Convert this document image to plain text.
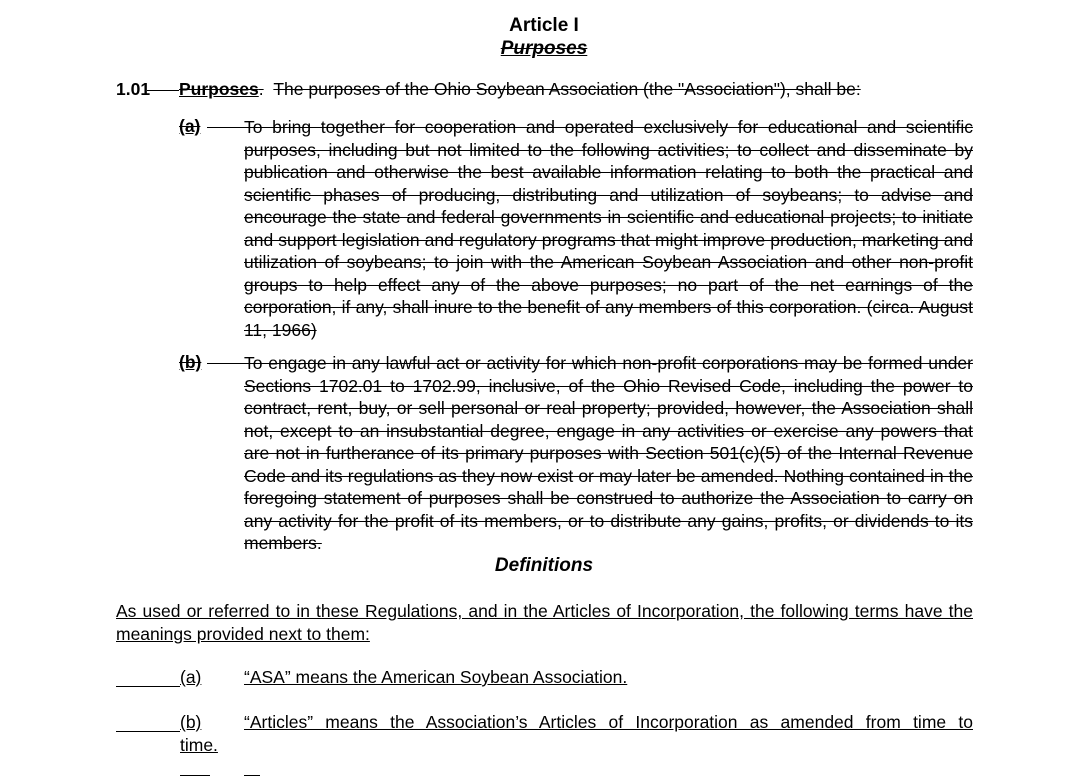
Article I
Purposes
1.01 Purposes. The purposes of the Ohio Soybean Association (the "Association"), shall be:
(a) To bring together for cooperation and operated exclusively for educational and scientific purposes, including but not limited to the following activities; to collect and disseminate by publication and otherwise the best available information relating to both the practical and scientific phases of producing, distributing and utilization of soybeans; to advise and encourage the state and federal governments in scientific and educational projects; to initiate and support legislation and regulatory programs that might improve production, marketing and utilization of soybeans; to join with the American Soybean Association and other non-profit groups to help effect any of the above purposes; no part of the net earnings of the corporation, if any, shall inure to the benefit of any members of this corporation. (circa. August 11, 1966)
(b) To engage in any lawful act or activity for which non-profit corporations may be formed under Sections 1702.01 to 1702.99, inclusive, of the Ohio Revised Code, including the power to contract, rent, buy, or sell personal or real property; provided, however, the Association shall not, except to an insubstantial degree, engage in any activities or exercise any powers that are not in furtherance of its primary purposes with Section 501(c)(5) of the Internal Revenue Code and its regulations as they now exist or may later be amended. Nothing contained in the foregoing statement of purposes shall be construed to authorize the Association to carry on any activity for the profit of its members, or to distribute any gains, profits, or dividends to its members.
Definitions
As used or referred to in these Regulations, and in the Articles of Incorporation, the following terms have the meanings provided next to them:
(a) “ASA” means the American Soybean Association.
(b) “Articles” means the Association’s Articles of Incorporation as amended from time to
time.
